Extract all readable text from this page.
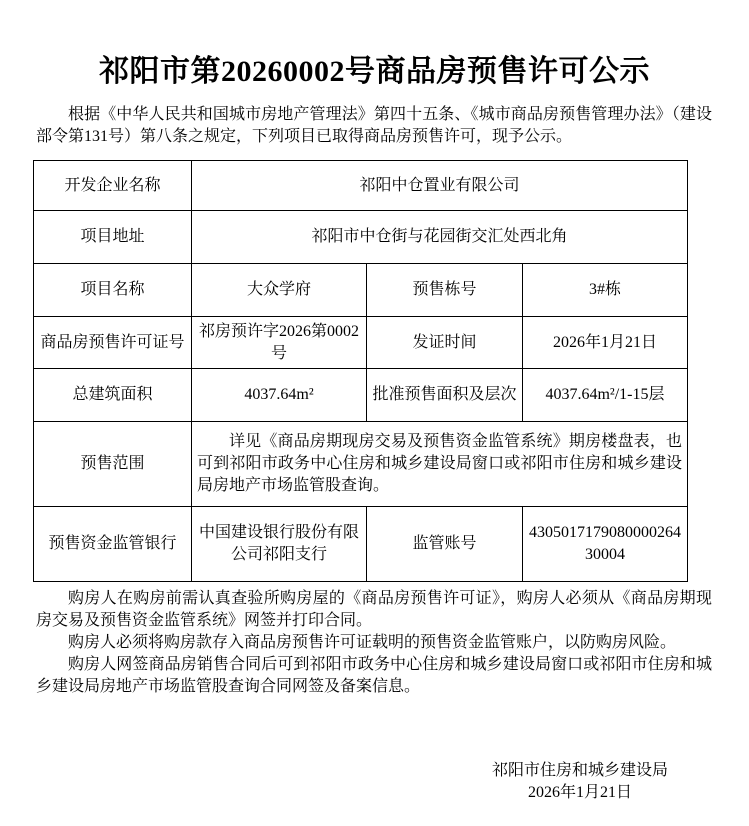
祁阳市第20260002号商品房预售许可公示

根据《中华人民共和国城市房地产管理法》第四十五条、《城市商品房预售管理办法》（建设部令第131号）第八条之规定，下列项目已取得商品房预售许可，现予公示。

开发企业名称	祁阳中仓置业有限公司		
项目地址	祁阳市中仓街与花园街交汇处西北角		
项目名称	大众学府	预售栋号	3#栋
商品房预售许可证号	祁房预许字2026第0002号	发证时间	2026年1月21日
总建筑面积	4037.64m²	批准预售面积及层次	4037.64m²/1-15层
预售范围	详见《商品房期现房交易及预售资金监管系统》期房楼盘表，也可到祁阳市政务中心住房和城乡建设局窗口或祁阳市住房和城乡建设局房地产市场监管股查询。		

预售资金监管银行	中国建设银行股份有限公司祁阳支行	监管账号	430501717908000026430004

购房人在购房前需认真查验所购房屋的《商品房预售许可证》，购房人必须从《商品房期现房交易及预售资金监管系统》网签并打印合同。

购房人必须将购房款存入商品房预售许可证载明的预售资金监管账户，以防购房风险。

购房人网签商品房销售合同后可到祁阳市政务中心住房和城乡建设局窗口或祁阳市住房和城乡建设局房地产市场监管股查询合同网签及备案信息。

祁阳市住房和城乡建设局
2026年1月21日
